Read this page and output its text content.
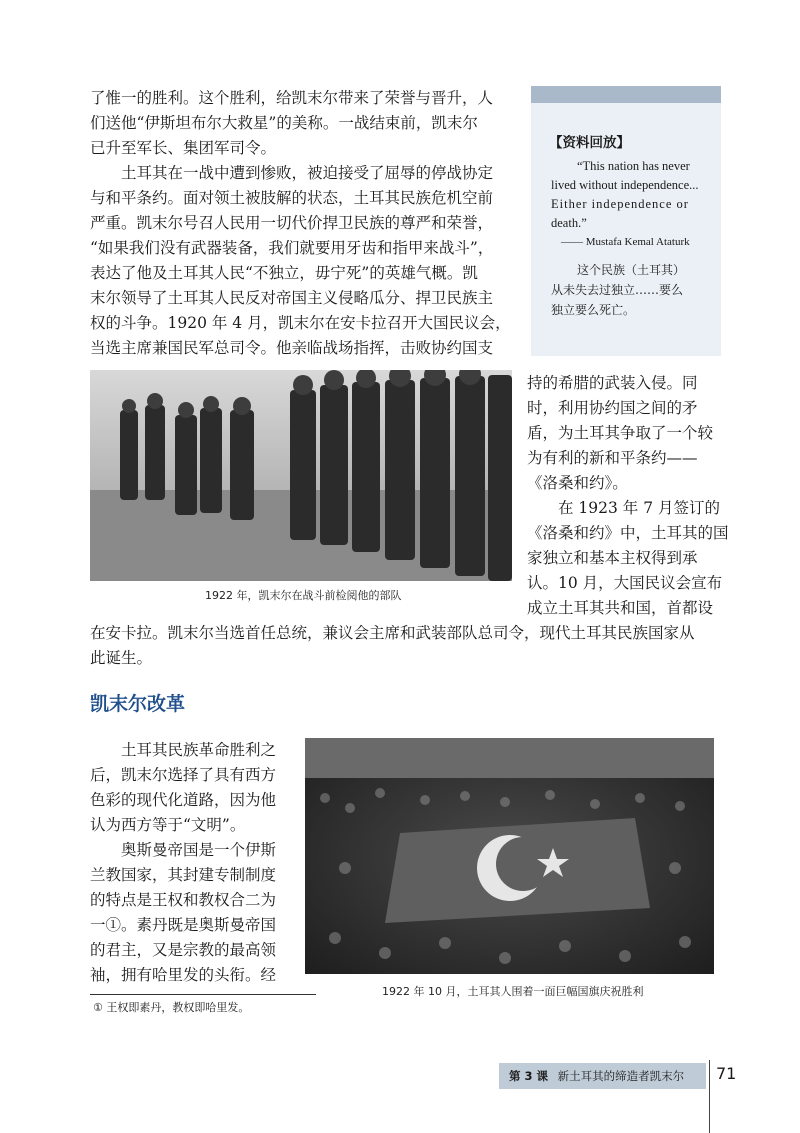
了惟一的胜利。这个胜利，给凯末尔带来了荣誉与晋升，人
们送他“伊斯坦布尔大救星”的美称。一战结束前，凯末尔
已升至军长、集团军司令。
土耳其在一战中遭到惨败，被迫接受了屈辱的停战协定
与和平条约。面对领土被肢解的状态，土耳其民族危机空前
严重。凯末尔号召人民用一切代价捍卫民族的尊严和荣誉，
“如果我们没有武器装备，我们就要用牙齿和指甲来战斗”，
表达了他及土耳其人民“不独立，毋宁死”的英雄气概。凯
末尔领导了土耳其人民反对帝国主义侵略瓜分、捍卫民族主
权的斗争。1920 年 4 月，凯末尔在安卡拉召开大国民议会，
当选主席兼国民军总司令。他亲临战场指挥，击败协约国支
【资料回放】
“This nation has never
lived without independence...
Either independence or
death.”
—— Mustafa Kemal Ataturk
这个民族（土耳其）
从未失去过独立……要么
独立要么死亡。
1922 年，凯末尔在战斗前检阅他的部队
持的希腊的武装入侵。同
时，利用协约国之间的矛
盾，为土耳其争取了一个较
为有利的新和平条约——
《洛桑和约》。
在 1923 年 7 月签订的
《洛桑和约》中，土耳其的国
家独立和基本主权得到承
认。10 月，大国民议会宣布
成立土耳其共和国，首都设
在安卡拉。凯末尔当选首任总统，兼议会主席和武装部队总司令，现代土耳其民族国家从
此诞生。
凯末尔改革
土耳其民族革命胜利之
后，凯末尔选择了具有西方
色彩的现代化道路，因为他
认为西方等于“文明”。
奥斯曼帝国是一个伊斯
兰教国家，其封建专制制度
的特点是王权和教权合二为
一①。素丹既是奥斯曼帝国
的君主，又是宗教的最高领
袖，拥有哈里发的头衔。经
1922 年 10 月，土耳其人围着一面巨幅国旗庆祝胜利
① 王权即素丹，教权即哈里发。
第 3 课 新土耳其的缔造者凯末尔 71
